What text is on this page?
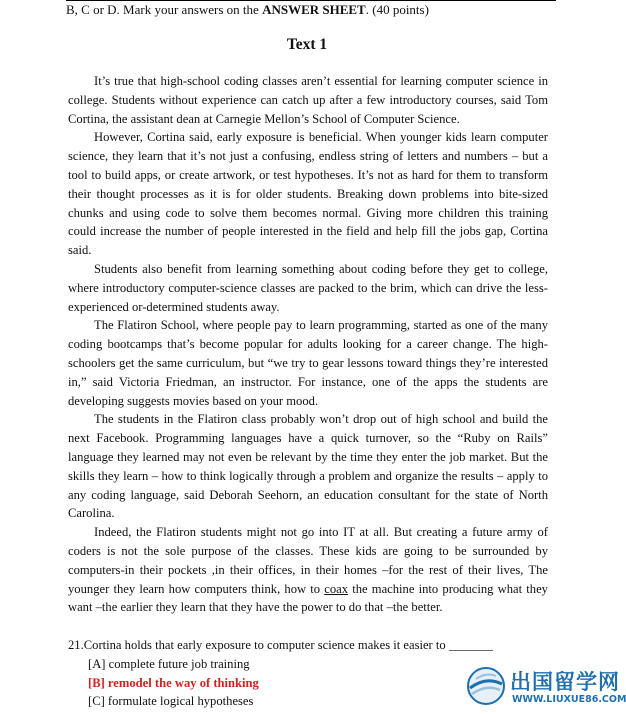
B, C or D. Mark your answers on the ANSWER SHEET. (40 points)
Text 1

It’s true that high-school coding classes aren’t essential for learning computer science in college. Students without experience can catch up after a few introductory courses, said Tom Cortina, the assistant dean at Carnegie Mellon’s School of Computer Science.

However, Cortina said, early exposure is beneficial. When younger kids learn computer science, they learn that it’s not just a confusing, endless string of letters and numbers – but a tool to build apps, or create artwork, or test hypotheses. It’s not as hard for them to transform their thought processes as it is for older students. Breaking down problems into bite-sized chunks and using code to solve them becomes normal. Giving more children this training could increase the number of people interested in the field and help fill the jobs gap, Cortina said.

Students also benefit from learning something about coding before they get to college, where introductory computer-science classes are packed to the brim, which can drive the less-experienced or-determined students away.

The Flatiron School, where people pay to learn programming, started as one of the many coding bootcamps that’s become popular for adults looking for a career change. The high-schoolers get the same curriculum, but “we try to gear lessons toward things they’re interested in,” said Victoria Friedman, an instructor. For instance, one of the apps the students are developing suggests movies based on your mood.

The students in the Flatiron class probably won’t drop out of high school and build the next Facebook. Programming languages have a quick turnover, so the “Ruby on Rails” language they learned may not even be relevant by the time they enter the job market. But the skills they learn – how to think logically through a problem and organize the results – apply to any coding language, said Deborah Seehorn, an education consultant for the state of North Carolina.

Indeed, the Flatiron students might not go into IT at all. But creating a future army of coders is not the sole purpose of the classes. These kids are going to be surrounded by computers-in their pockets ,in their offices, in their homes –for the rest of their lives, The younger they learn how computers think, how to coax the machine into producing what they want –the earlier they learn that they have the power to do that –the better.

21.Cortina holds that early exposure to computer science makes it easier to _______

[A] complete future job training

[B] remodel the way of thinking

[C] formulate logical hypotheses

出国留学网
WWW.LIUXUE86.COM
